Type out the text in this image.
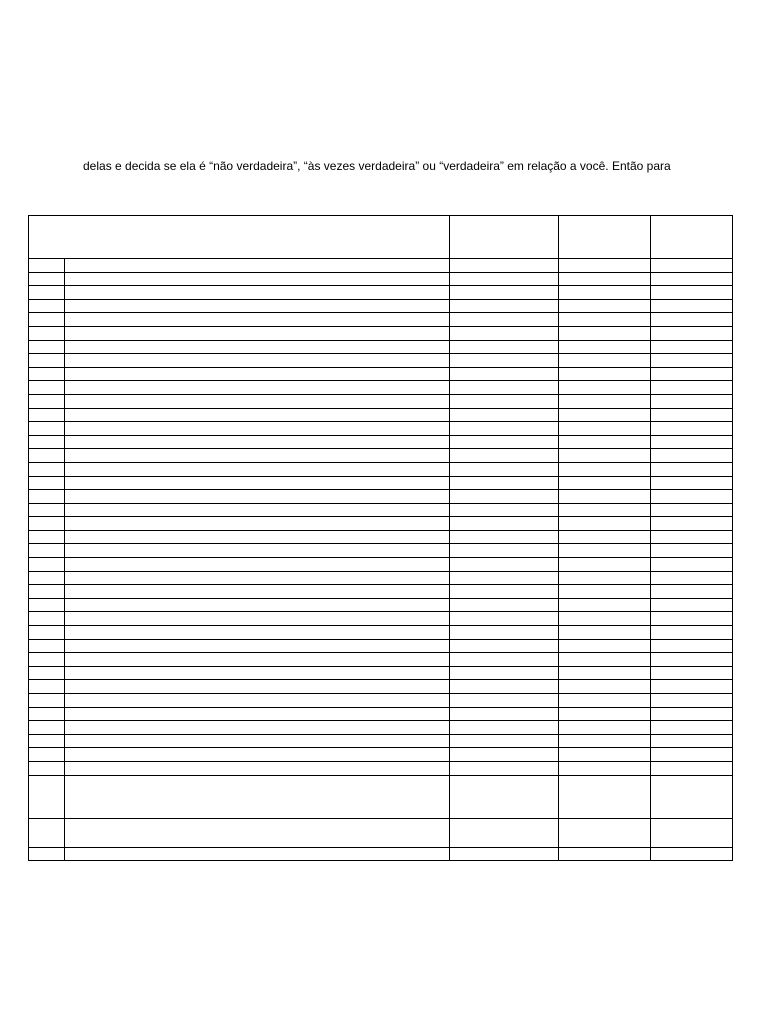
delas e decida se ela é “não verdadeira”, “às vezes verdadeira” ou “verdadeira” em relação a você. Então para
